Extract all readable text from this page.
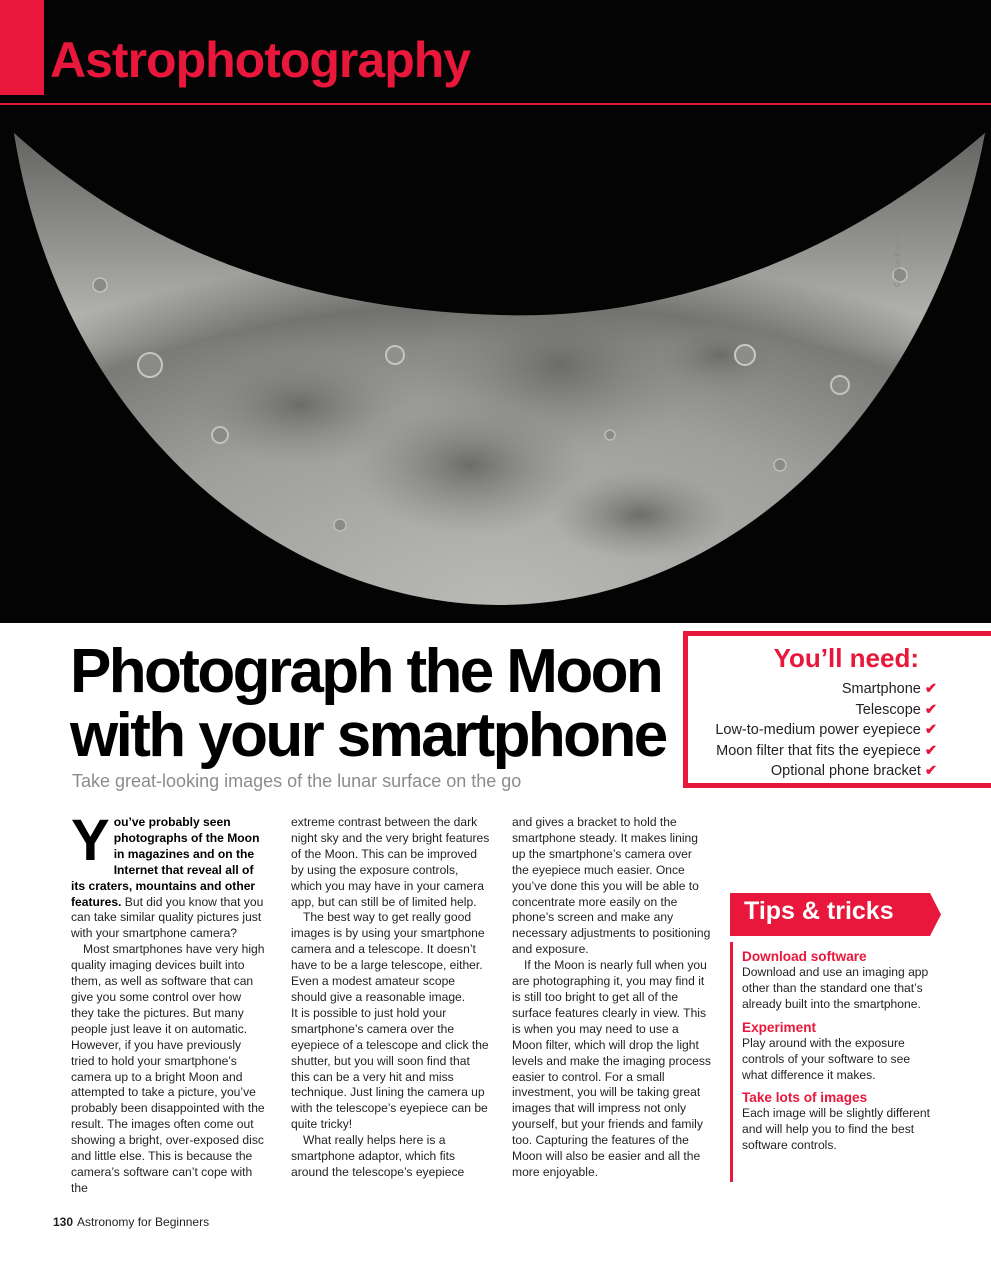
Astrophotography
© Nikos Koutoulas
Photograph the Moon
with your smartphone
Take great-looking images of the lunar surface on the go
You’ll need:
Smartphone ✔
Telescope ✔
Low-to-medium power eyepiece ✔
Moon filter that fits the eyepiece ✔
Optional phone bracket ✔

You’ve probably seen photographs of the Moon in magazines and on the Internet that reveal all of its craters, mountains and other features. But did you know that you can take similar quality pictures just with your smartphone camera?

Most smartphones have very high quality imaging devices built into them, as well as software that can give you some control over how they take the pictures. But many people just leave it on automatic. However, if you have previously tried to hold your smartphone’s camera up to a bright Moon and attempted to take a picture, you’ve probably been disappointed with the result. The images often come out showing a bright, over-exposed disc and little else. This is because the camera’s software can’t cope with the

extreme contrast between the dark night sky and the very bright features of the Moon. This can be improved by using the exposure controls, which you may have in your camera app, but can still be of limited help.

The best way to get really good images is by using your smartphone camera and a telescope. It doesn’t have to be a large telescope, either. Even a modest amateur scope should give a reasonable image.

It is possible to just hold your smartphone’s camera over the eyepiece of a telescope and click the shutter, but you will soon find that this can be a very hit and miss technique. Just lining the camera up with the telescope’s eyepiece can be quite tricky!

What really helps here is a smartphone adaptor, which fits around the telescope’s eyepiece

and gives a bracket to hold the smartphone steady. It makes lining up the smartphone’s camera over the eyepiece much easier. Once you’ve done this you will be able to concentrate more easily on the phone’s screen and make any necessary adjustments to positioning and exposure.

If the Moon is nearly full when you are photographing it, you may find it is still too bright to get all of the surface features clearly in view. This is when you may need to use a Moon filter, which will drop the light levels and make the imaging process easier to control. For a small investment, you will be taking great images that will impress not only yourself, but your friends and family too. Capturing the features of the Moon will also be easier and all the more enjoyable.

Tips & tricks
Download software
Download and use an imaging app other than the standard one that’s already built into the smartphone.
Experiment
Play around with the exposure controls of your software to see what difference it makes.
Take lots of images
Each image will be slightly different and will help you to find the best software controls.
130 Astronomy for Beginners
